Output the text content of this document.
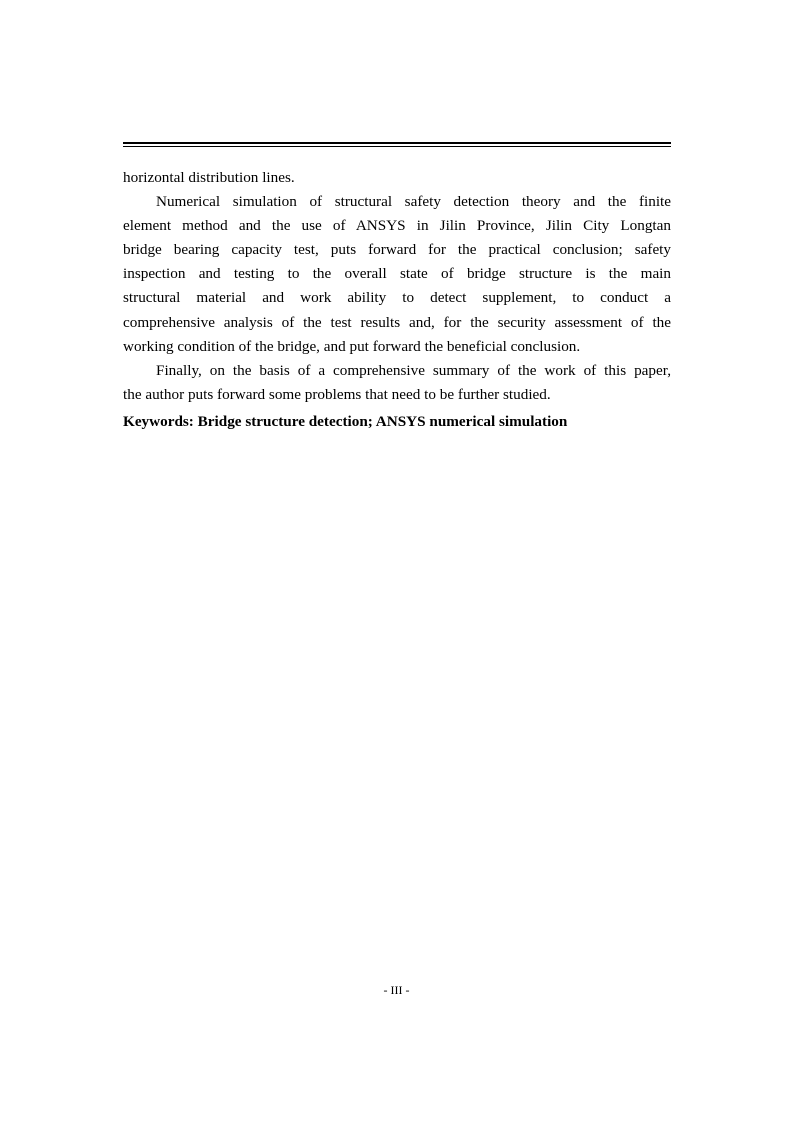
horizontal distribution lines.
Numerical simulation of structural safety detection theory and the finite
element method and the use of ANSYS in Jilin Province, Jilin City Longtan
bridge bearing capacity test, puts forward for the practical conclusion; safety
inspection and testing to the overall state of bridge structure is the main
structural material and work ability to detect supplement, to conduct a
comprehensive analysis of the test results and, for the security assessment of the
working condition of the bridge, and put forward the beneficial conclusion.
Finally, on the basis of a comprehensive summary of the work of this paper,
the author puts forward some problems that need to be further studied.
Keywords: Bridge structure detection; ANSYS numerical simulation
- III -
